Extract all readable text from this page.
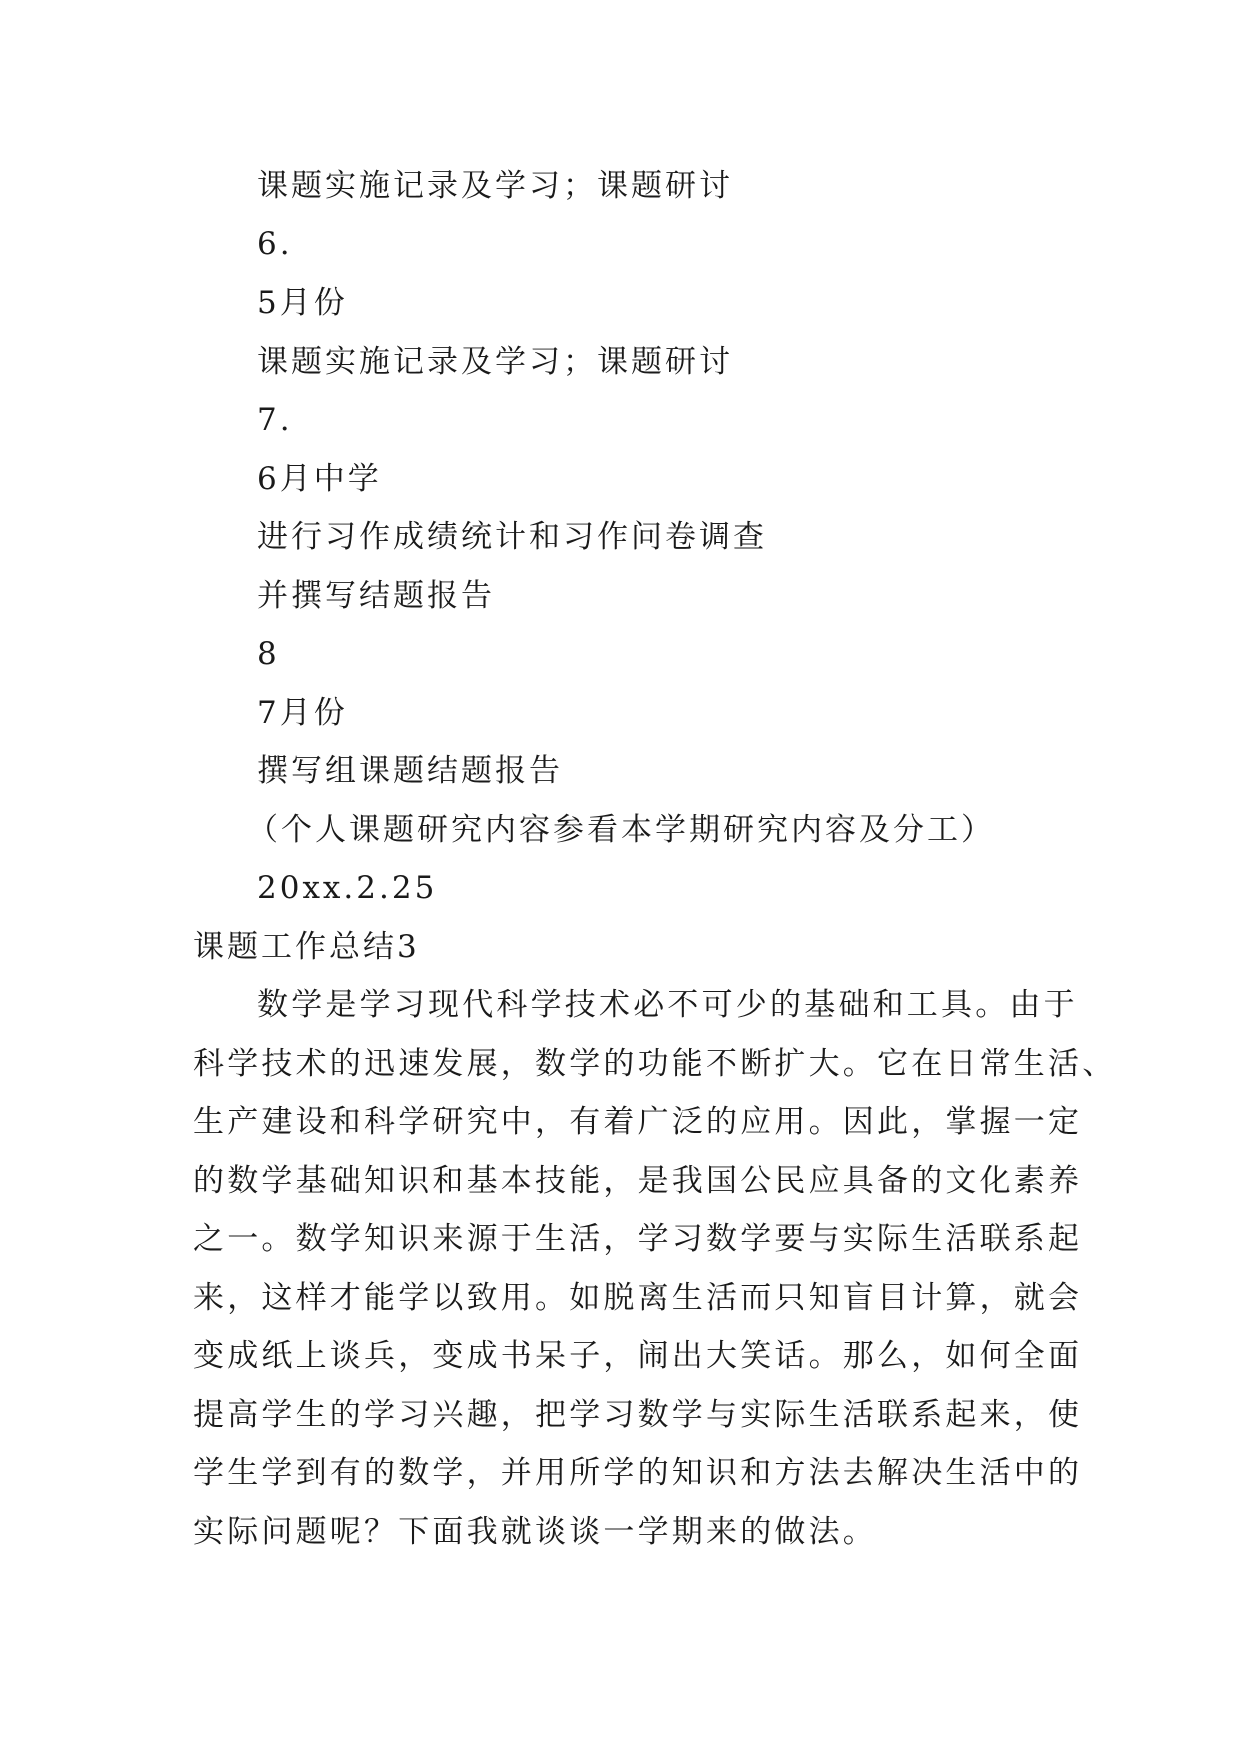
课题实施记录及学习；课题研讨
6.
5月份
课题实施记录及学习；课题研讨
7.
6月中学
进行习作成绩统计和习作问卷调查
并撰写结题报告
8
7月份
撰写组课题结题报告
（个人课题研究内容参看本学期研究内容及分工）
20xx.2.25
课题工作总结3
数学是学习现代科学技术必不可少的基础和工具。由于
科学技术的迅速发展，数学的功能不断扩大。它在日常生活、
生产建设和科学研究中，有着广泛的应用。因此，掌握一定
的数学基础知识和基本技能，是我国公民应具备的文化素养
之一。数学知识来源于生活，学习数学要与实际生活联系起
来，这样才能学以致用。如脱离生活而只知盲目计算，就会
变成纸上谈兵，变成书呆子，闹出大笑话。那么，如何全面
提高学生的学习兴趣，把学习数学与实际生活联系起来，使
学生学到有的数学，并用所学的知识和方法去解决生活中的
实际问题呢？下面我就谈谈一学期来的做法。
